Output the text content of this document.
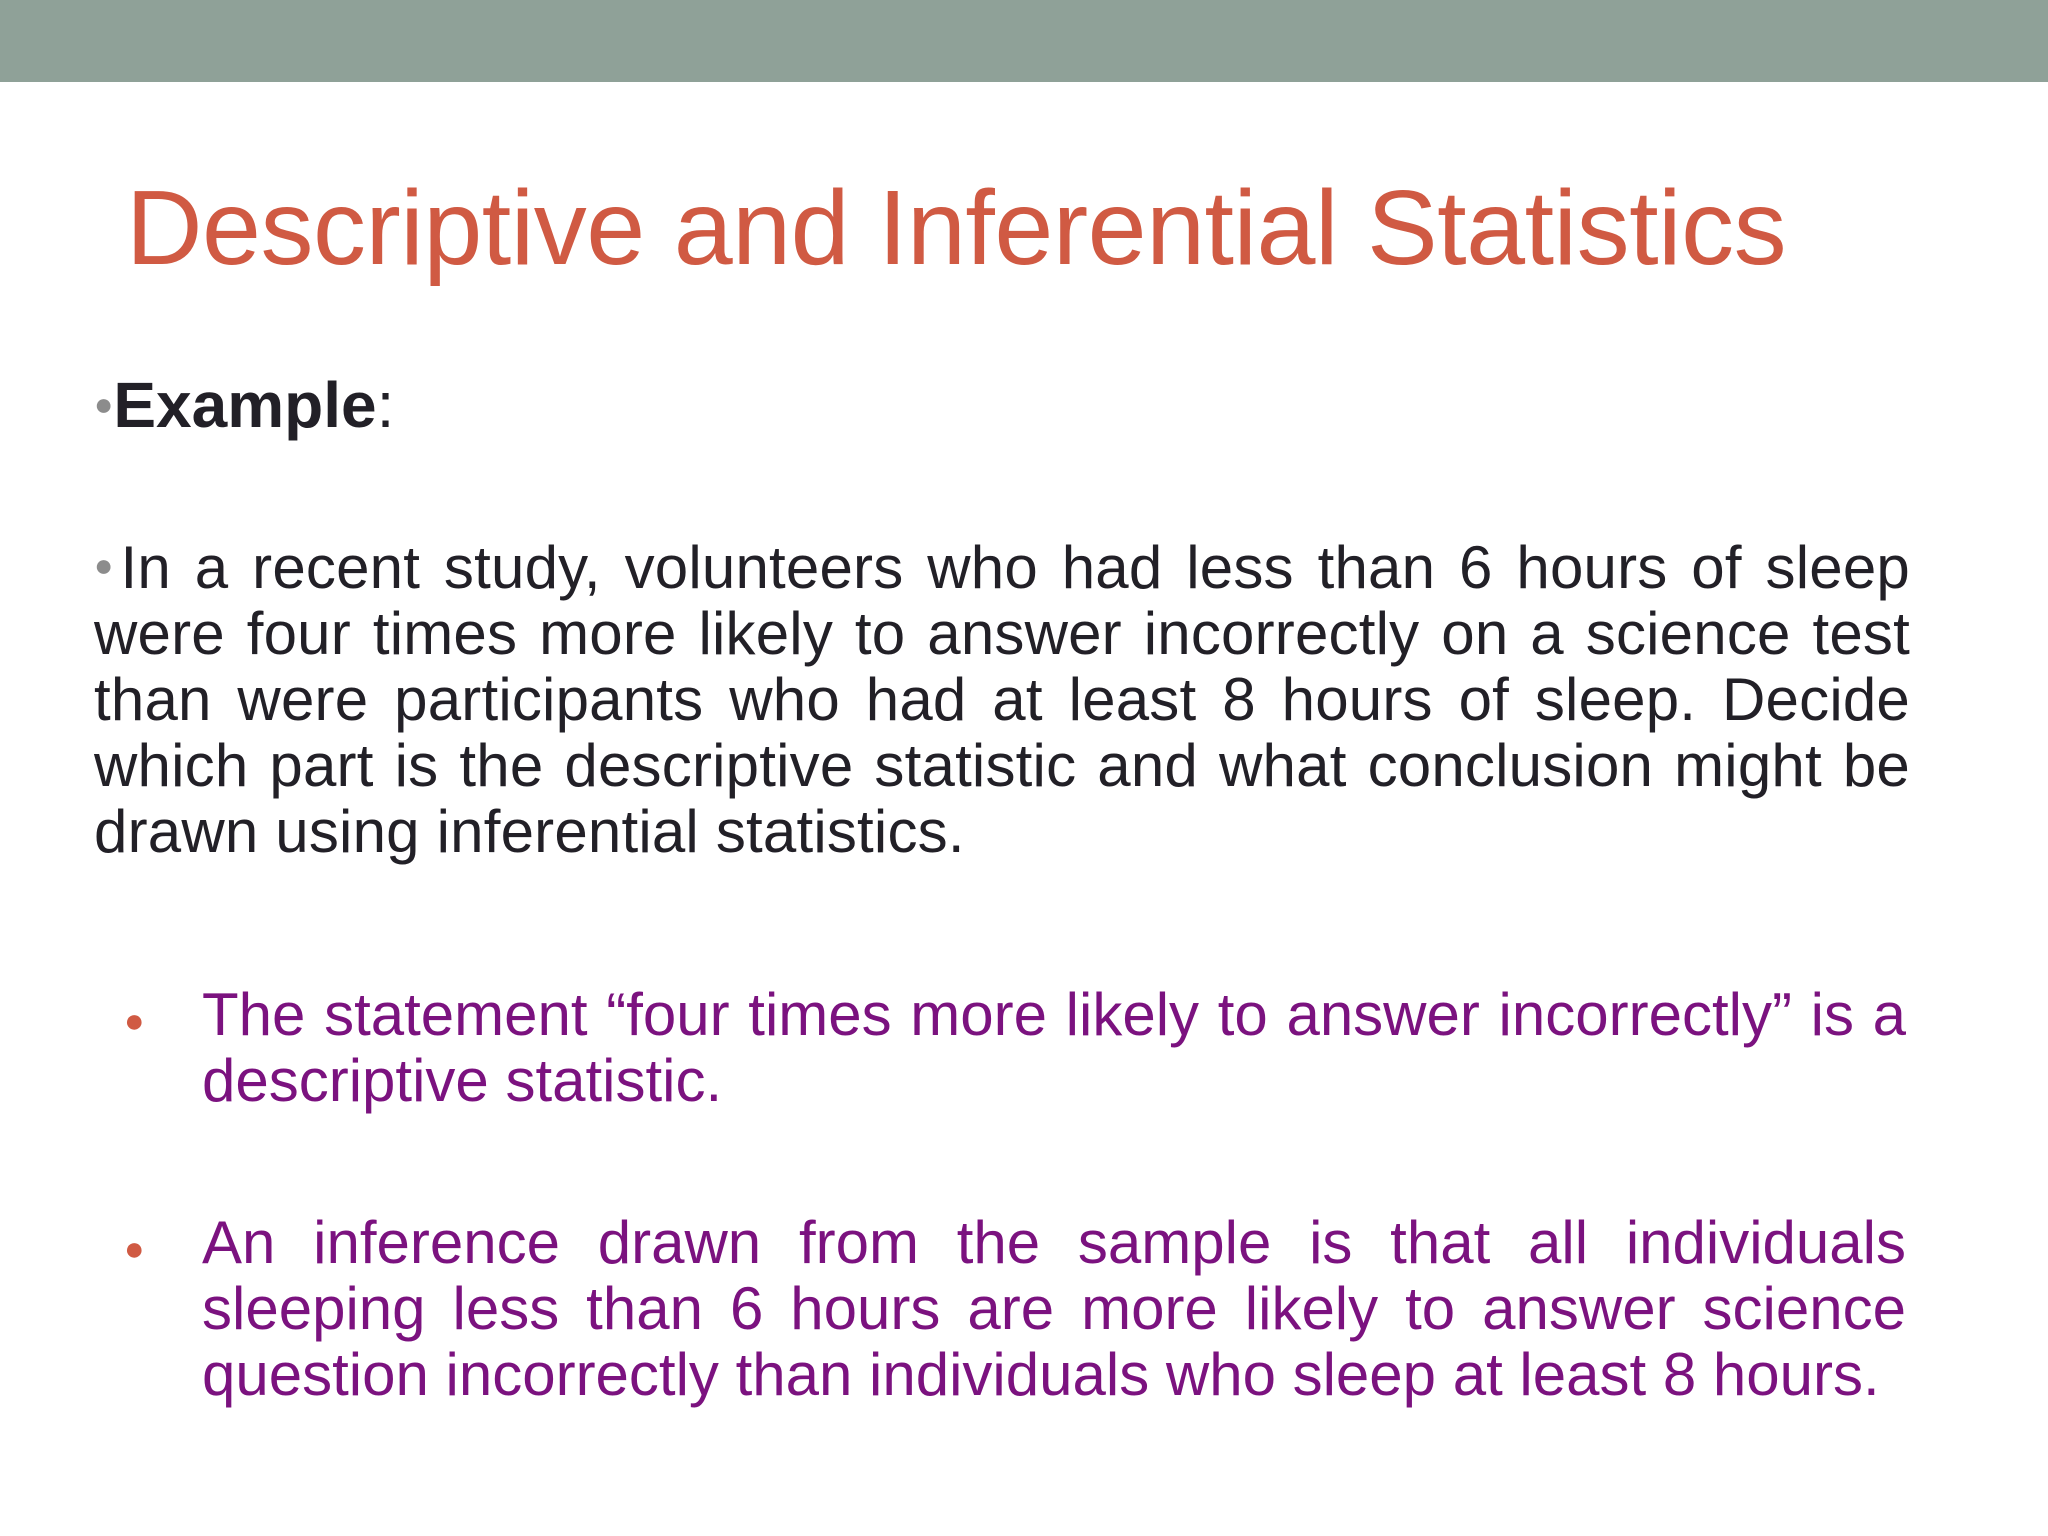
Descriptive and Inferential Statistics
●Example:
●In a recent study, volunteers who had less than 6 hours of sleep were four times more likely to answer incorrectly on a science test than were participants who had at least 8 hours of sleep. Decide which part is the descriptive statistic and what conclusion might be drawn using inferential statistics.
● The statement “four times more likely to answer incorrectly” is a descriptive statistic.
● An inference drawn from the sample is that all individuals sleeping less than 6 hours are more likely to answer science question incorrectly than individuals who sleep at least 8 hours.
